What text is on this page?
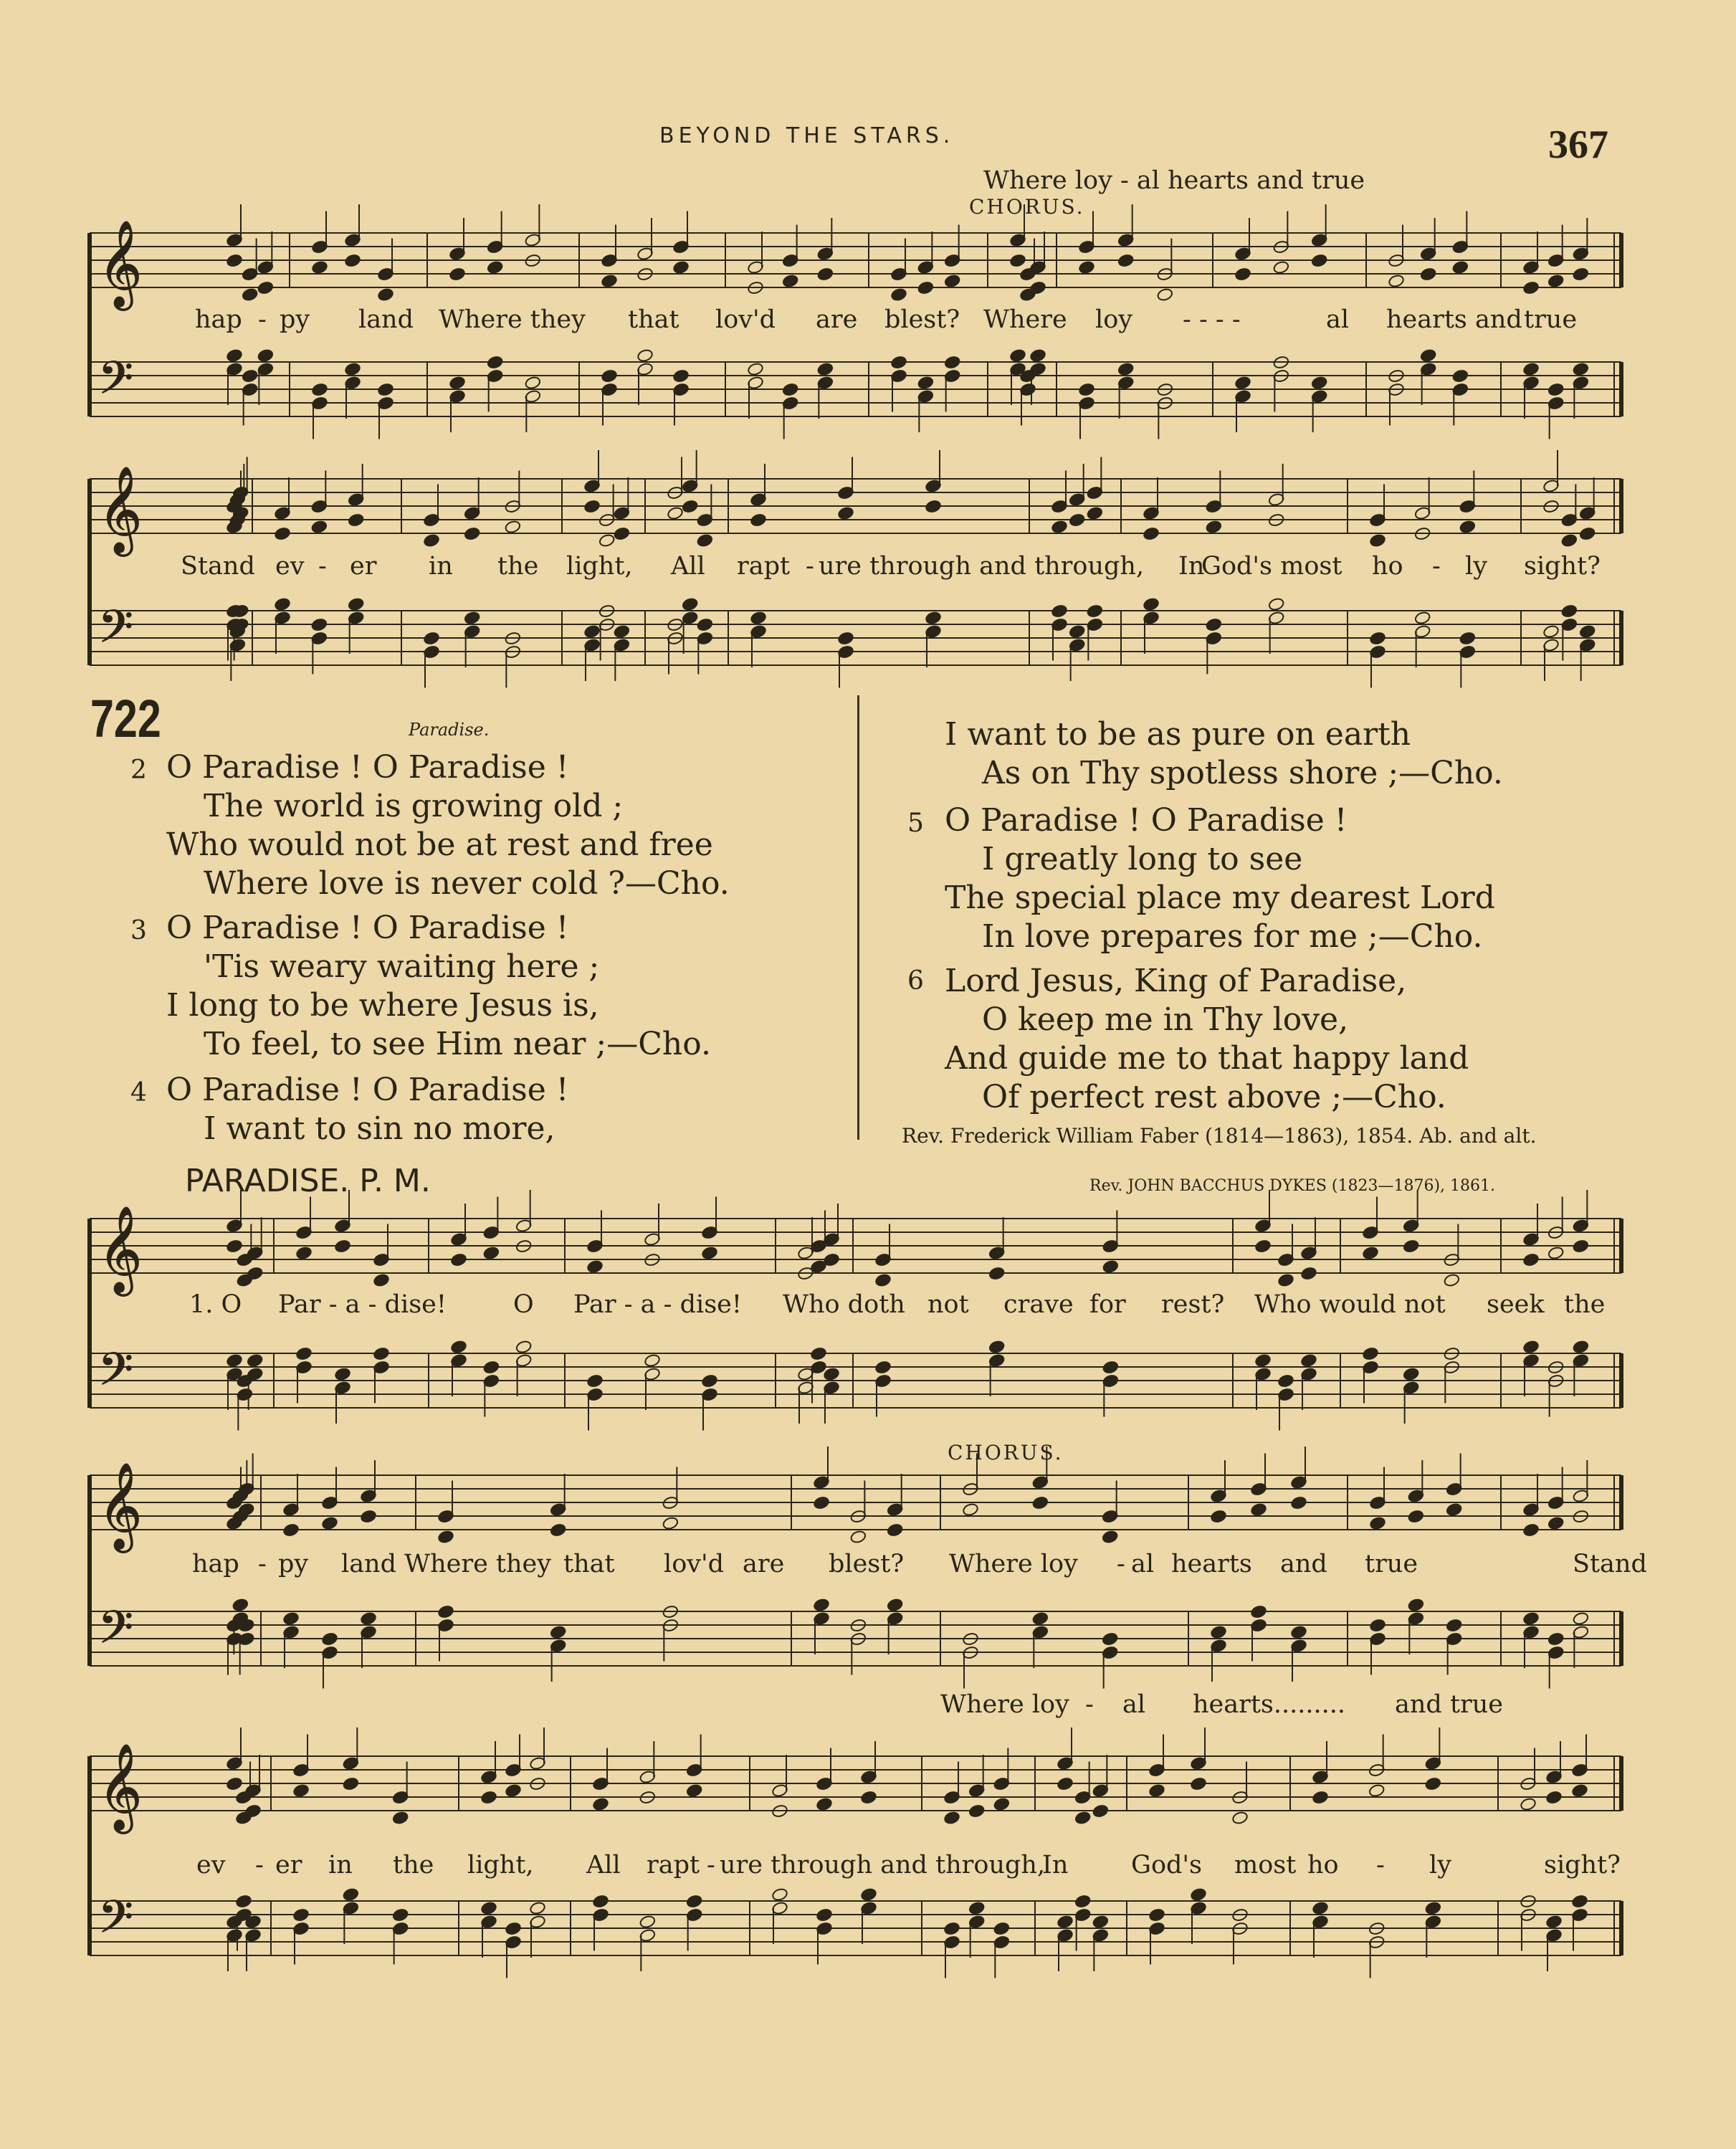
BEYOND THE STARS.	367
𝄞
𝄢
𝄞
𝄢
𝄞
𝄢
𝄞
𝄢
𝄞
𝄢
Where loy - al hearts and true
CHORUS.
hap - py land Where they that lov'd are blest? Where loy - - - -	al hearts and true
Stand ev - er in the light, All rapt - ure through and through, In
God's most ho - ly sight?
722	Paradise.
2 O Paradise ! O Paradise !
The world is growing old ;
Who would not be at rest and free
Where love is never cold ?—Cho.
3 O Paradise ! O Paradise !
'Tis weary waiting here ;
I long to be where Jesus is,
To feel, to see Him near ;—Cho.
4 O Paradise ! O Paradise !
I want to sin no more,
I want to be as pure on earth
As on Thy spotless shore ;—Cho.
5 O Paradise ! O Paradise !
I greatly long to see
The special place my dearest Lord
In love prepares for me ;—Cho.
6 Lord Jesus, King of Paradise,
O keep me in Thy love,
And guide me to that happy land
Of perfect rest above ;—Cho.
Rev. Frederick William Faber (1814—1863), 1854. Ab. and alt.
PARADISE. P. M.	Rev. JOHN BACCHUS DYKES (1823—1876), 1861.
1. O Par - a - dise!	O Par - a - dise! Who doth not crave for rest? Who would not seek the
CHORUS.
hap - py land Where they that lov'd are blest? Where loy - al hearts and true	Stand
Where loy - al hearts......... and true
ev - er in the light, All rapt - ure through and through,
In	God's most ho - ly	sight?
